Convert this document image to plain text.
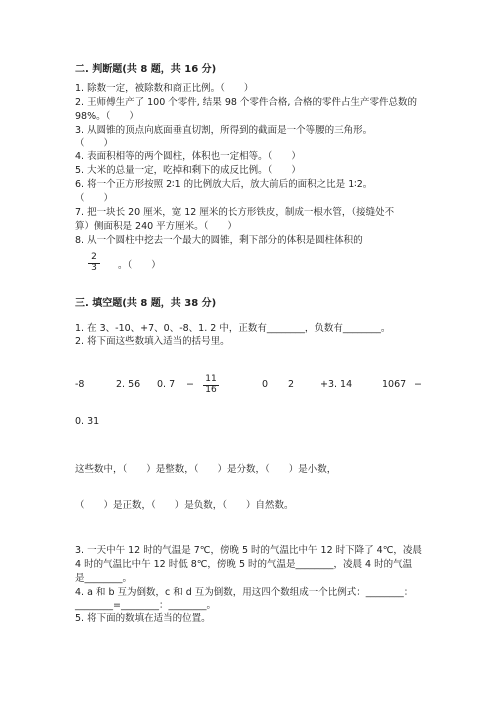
二. 判断题(共 8 题，共 16 分)
1. 除数一定，被除数和商正比例。（　　）
2. 王师傅生产了 100 个零件, 结果 98 个零件合格, 合格的零件占生产零件总数的
98%。（　　）
3. 从圆锥的顶点向底面垂直切割，所得到的截面是一个等腰的三角形。
（　　）
4. 表面积相等的两个圆柱，体积也一定相等。（　　）
5. 大米的总量一定，吃掉和剩下的成反比例。（　　）
6. 将一个正方形按照 2∶1 的比例放大后，放大前后的面积之比是 1∶2。
（　　）
7. 把一块长 20 厘米，宽 12 厘米的长方形铁皮，制成一根水管，（接缝处不
算）侧面积是 240 平方厘米。（　　）
8. 从一个圆柱中挖去一个最大的圆锥，剩下部分的体积是圆柱体积的
$\frac{2}{3}$ 。（　　）
三. 填空题(共 8 题，共 38 分)
1. 在 3、-10、+7、0、-8、1. 2 中，正数有________，负数有________。
2. 将下面这些数填入适当的括号里。
-8	2. 56 0. $7 - \frac{11}{16}$	0 2	+3. 14	1067 −
0. 31
这些数中，（　　）是整数，（　　）是分数，（　　）是小数，
（　　）是正数，（　　）是负数，（　　）自然数。
3. 一天中午 12 时的气温是 7℃，傍晚 5 时的气温比中午 12 时下降了 4℃，凌晨
4 时的气温比中午 12 时低 8℃，傍晚 5 时的气温是________，凌晨 4 时的气温
是________。
4. a 和 b 互为倒数，c 和 d 互为倒数，用这四个数组成一个比例式：________：
________=________：________。
5. 将下面的数填在适当的位置。
